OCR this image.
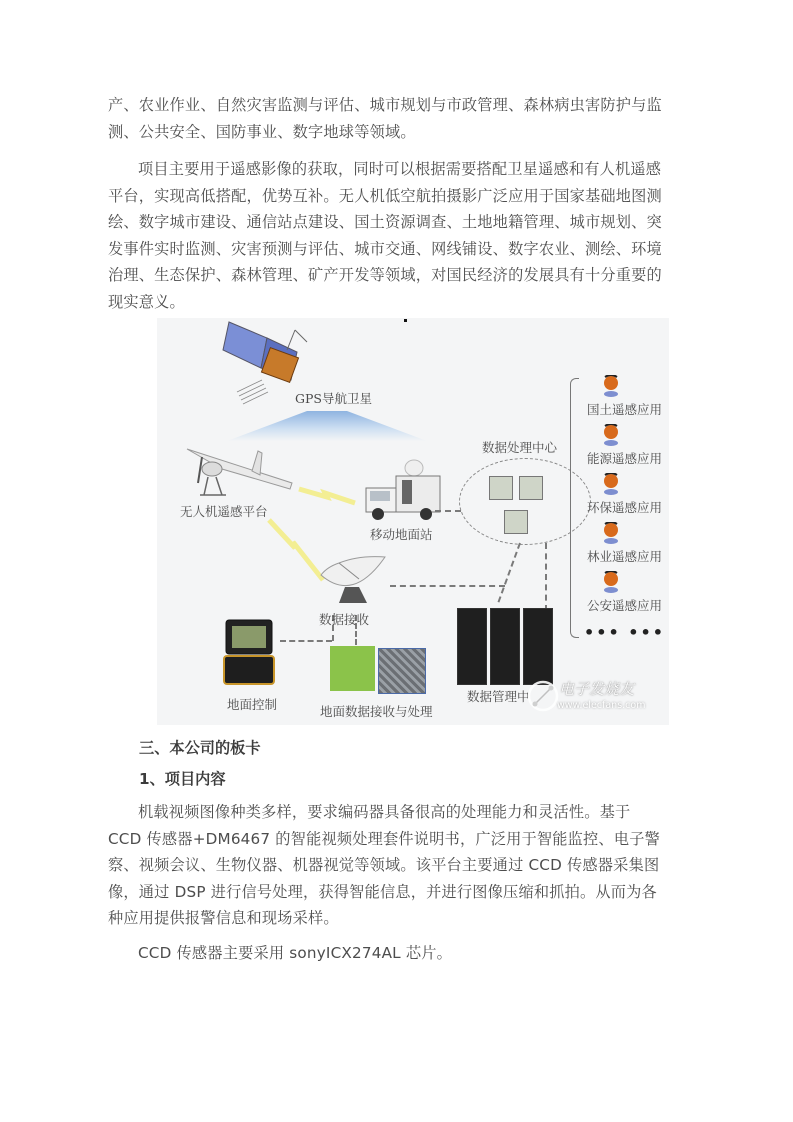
产、农业作业、自然灾害监测与评估、城市规划与市政管理、森林病虫害防护与监
测、公共安全、国防事业、数字地球等领域。
项目主要用于遥感影像的获取，同时可以根据需要搭配卫星遥感和有人机遥感
平台，实现高低搭配，优势互补。无人机低空航拍摄影广泛应用于国家基础地图测
绘、数字城市建设、通信站点建设、国土资源调查、土地地籍管理、城市规划、突
发事件实时监测、灾害预测与评估、城市交通、网线铺设、数字农业、测绘、环境
治理、生态保护、森林管理、矿产开发等领域，对国民经济的发展具有十分重要的
现实意义。
GPS导航卫星
无人机遥感平台
移动地面站
数据处理中心
数据接收
地面控制	地面数据接收与处理
数据管理中
国土遥感应用
能源遥感应用
环保遥感应用
林业遥感应用
公安遥感应用
••• •••
电子发烧友
www.elecfans.com
三、本公司的板卡
1、项目内容
机载视频图像种类多样，要求编码器具备很高的处理能力和灵活性。基于
CCD 传感器+DM6467 的智能视频处理套件说明书，广泛用于智能监控、电子警
察、视频会议、生物仪器、机器视觉等领域。该平台主要通过 CCD 传感器采集图
像，通过 DSP 进行信号处理，获得智能信息，并进行图像压缩和抓拍。从而为各
种应用提供报警信息和现场采样。
CCD 传感器主要采用 sonyICX274AL 芯片。
